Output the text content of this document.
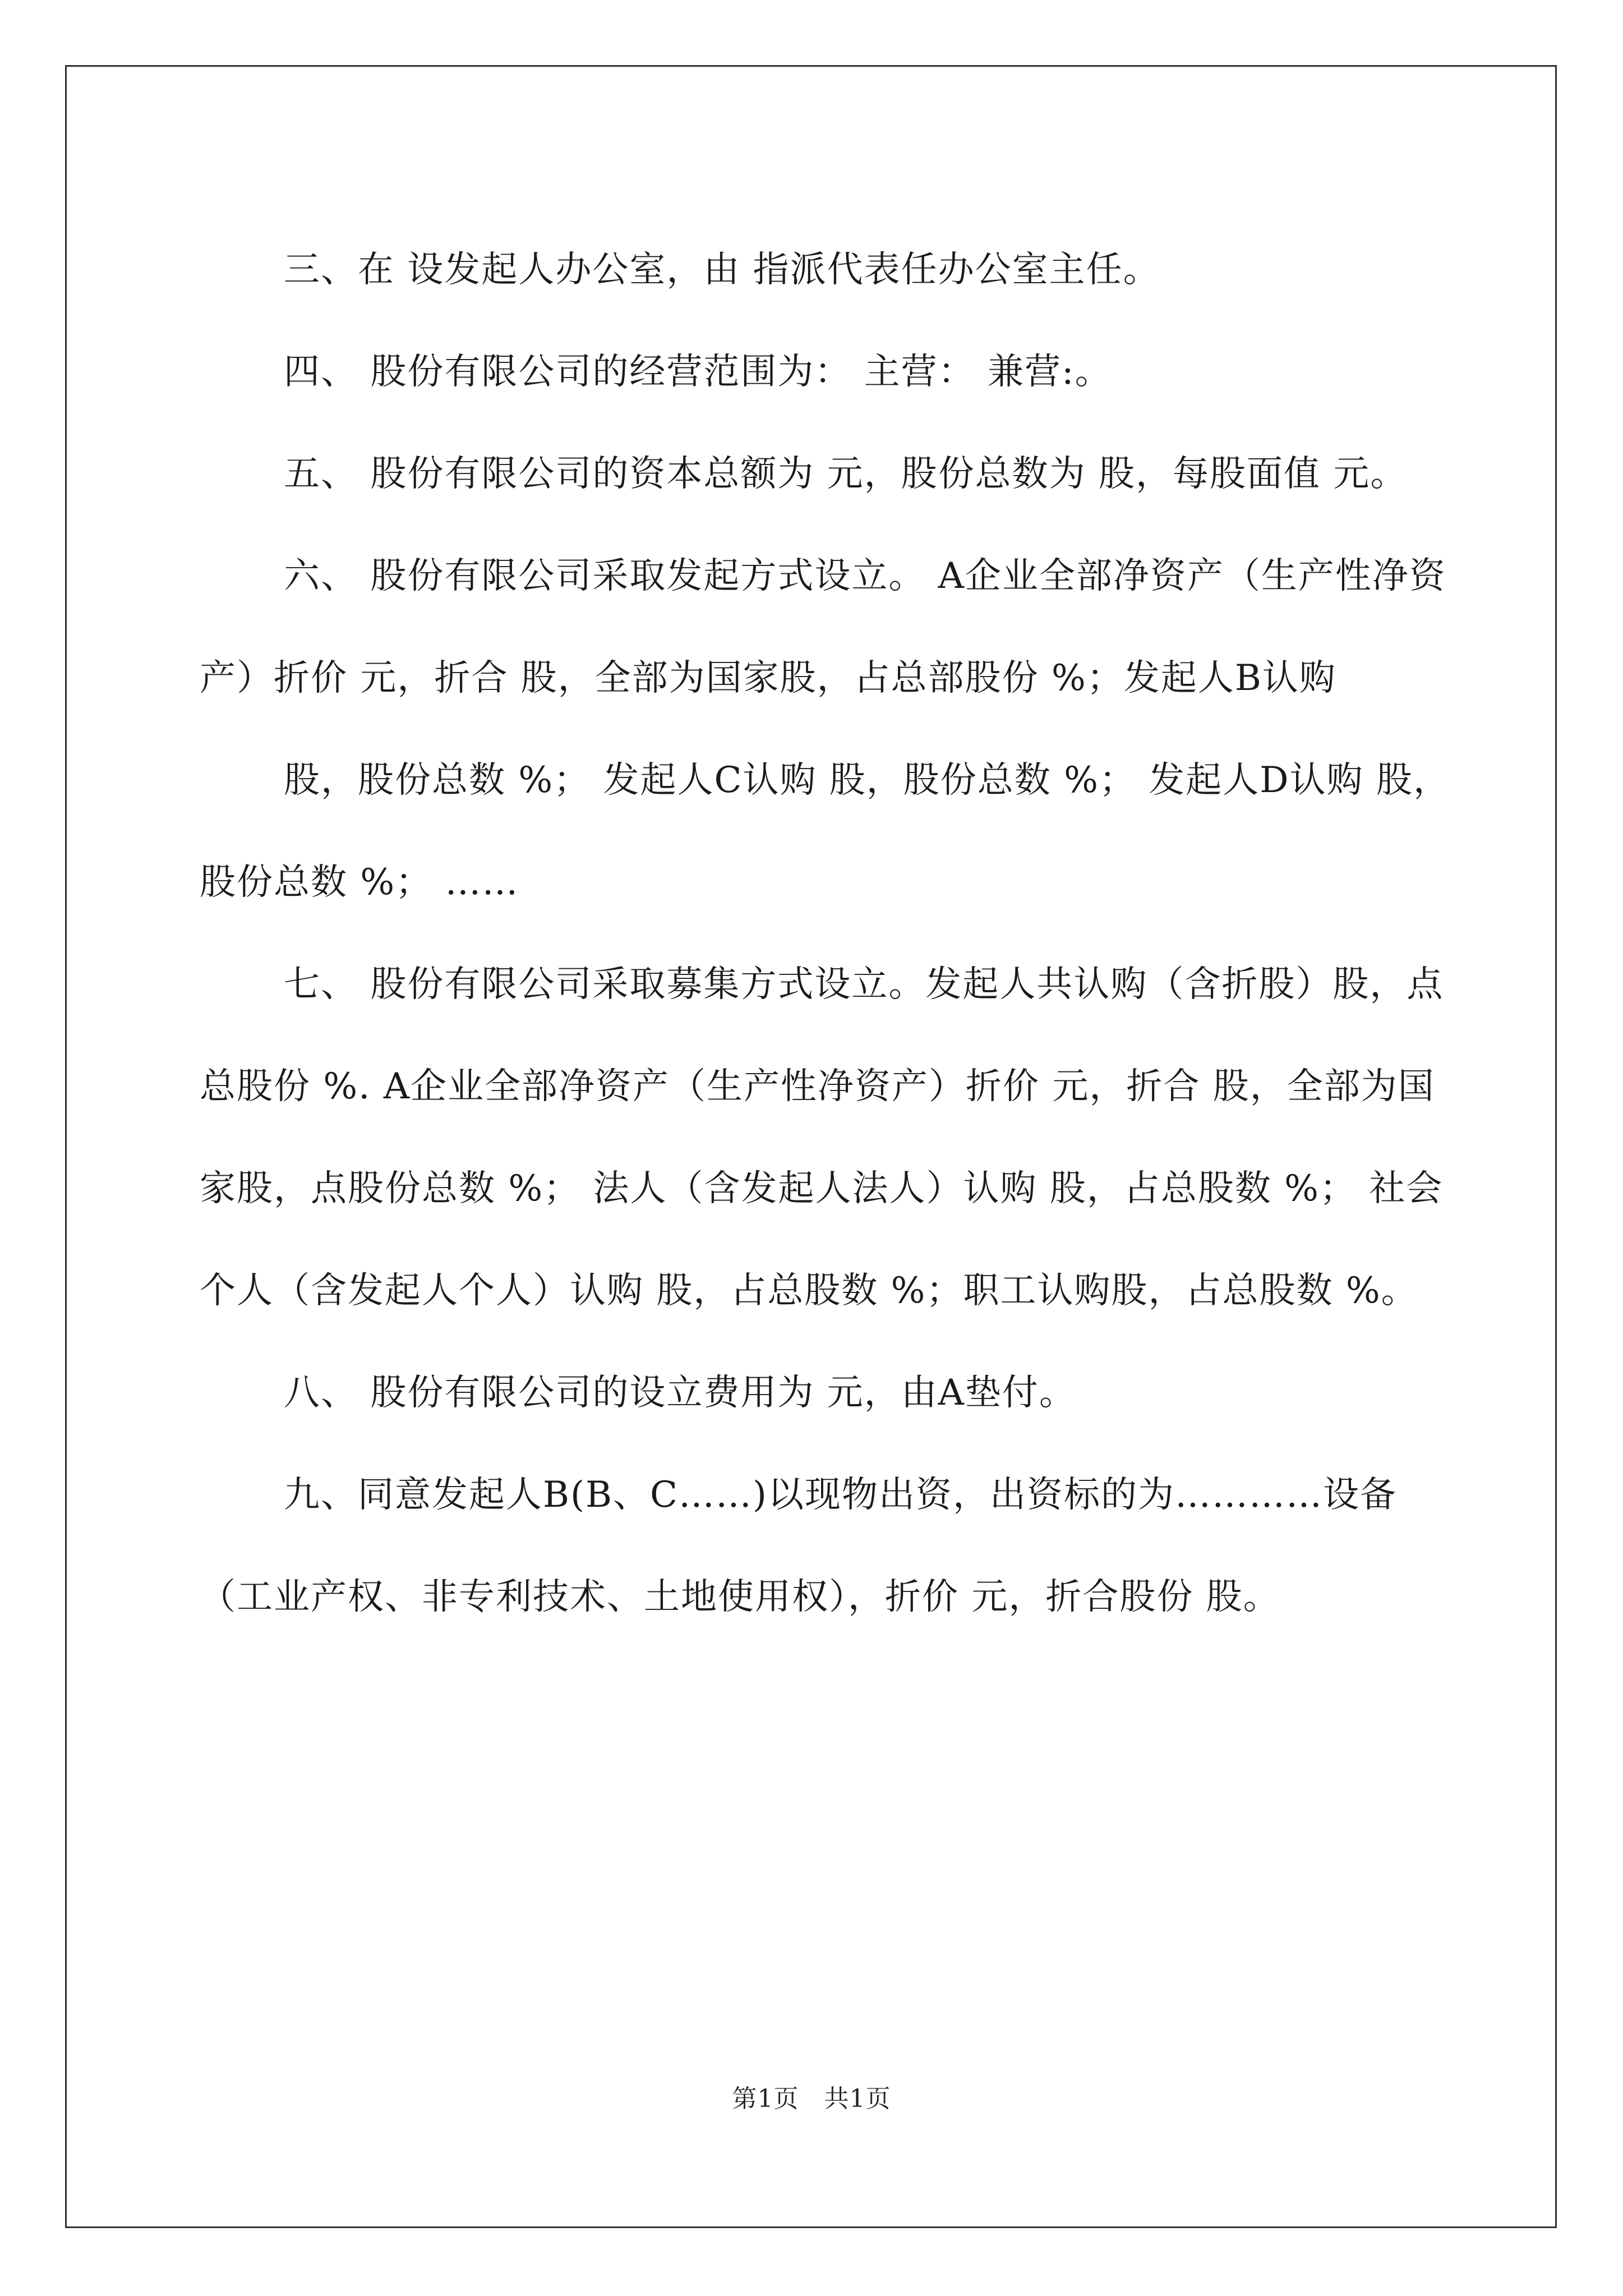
三、在 设发起人办公室，由 指派代表任办公室主任。

四、 股份有限公司的经营范围为： 主营： 兼营:。

五、 股份有限公司的资本总额为 元，股份总数为 股，每股面值 元。

六、 股份有限公司采取发起方式设立。 A企业全部净资产（生产性净资产）折价 元，折合 股，全部为国家股，占总部股份 %；发起人B认购

股，股份总数 %； 发起人C认购 股，股份总数 %； 发起人D认购 股，股份总数 %； ……

七、 股份有限公司采取募集方式设立。发起人共认购（含折股）股，点总股份 %. A企业全部净资产（生产性净资产）折价 元，折合 股，全部为国家股，点股份总数 %； 法人（含发起人法人）认购 股，占总股数 %； 社会个人（含发起人个人）认购 股，占总股数 %；职工认购股，占总股数 %。

八、 股份有限公司的设立费用为 元，由A垫付。

九、同意发起人B(B、C……)以现物出资，出资标的为…………设备（工业产权、非专利技术、土地使用权），折价 元，折合股份 股。

第1页　共1页
